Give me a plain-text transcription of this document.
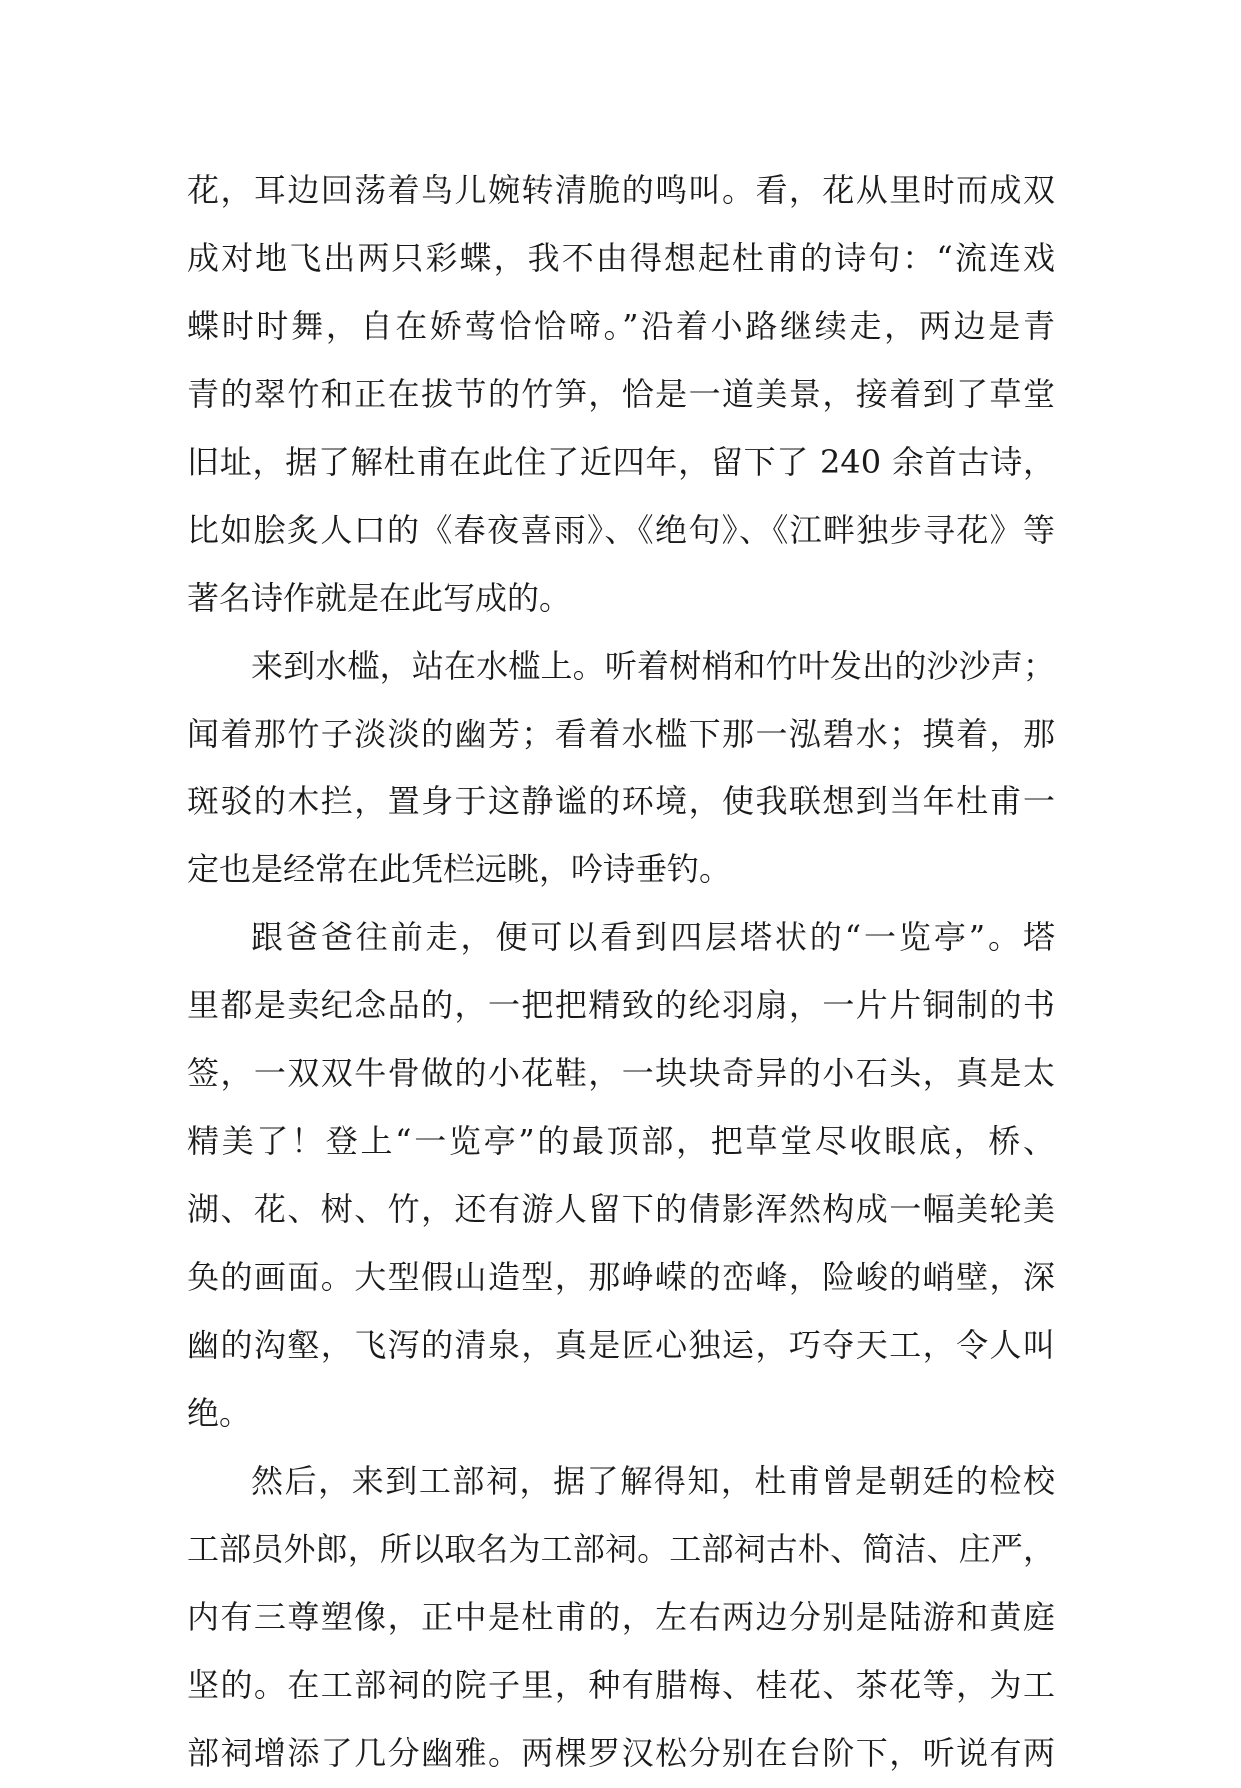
花，耳边回荡着鸟儿婉转清脆的鸣叫。看，花从里时而成双
成对地飞出两只彩蝶，我不由得想起杜甫的诗句：“流连戏
蝶时时舞，自在娇莺恰恰啼。”沿着小路继续走，两边是青
青的翠竹和正在拔节的竹笋，恰是一道美景，接着到了草堂
旧址，据了解杜甫在此住了近四年，留下了 240 余首古诗，
比如脍炙人口的《春夜喜雨》、《绝句》、《江畔独步寻花》等
著名诗作就是在此写成的。
来到水槛，站在水槛上。听着树梢和竹叶发出的沙沙声；
闻着那竹子淡淡的幽芳；看着水槛下那一泓碧水；摸着，那
斑驳的木拦，置身于这静谧的环境，使我联想到当年杜甫一
定也是经常在此凭栏远眺，吟诗垂钓。
跟爸爸往前走，便可以看到四层塔状的“一览亭”。塔
里都是卖纪念品的，一把把精致的纶羽扇，一片片铜制的书
签，一双双牛骨做的小花鞋，一块块奇异的小石头，真是太
精美了！登上“一览亭”的最顶部，把草堂尽收眼底，桥、
湖、花、树、竹，还有游人留下的倩影浑然构成一幅美轮美
奂的画面。大型假山造型，那峥嵘的峦峰，险峻的峭壁，深
幽的沟壑，飞泻的清泉，真是匠心独运，巧夺天工，令人叫
绝。
然后，来到工部祠，据了解得知，杜甫曾是朝廷的检校
工部员外郎，所以取名为工部祠。工部祠古朴、简洁、庄严，
内有三尊塑像，正中是杜甫的，左右两边分别是陆游和黄庭
坚的。在工部祠的院子里，种有腊梅、桂花、茶花等，为工
部祠增添了几分幽雅。两棵罗汉松分别在台阶下，听说有两
